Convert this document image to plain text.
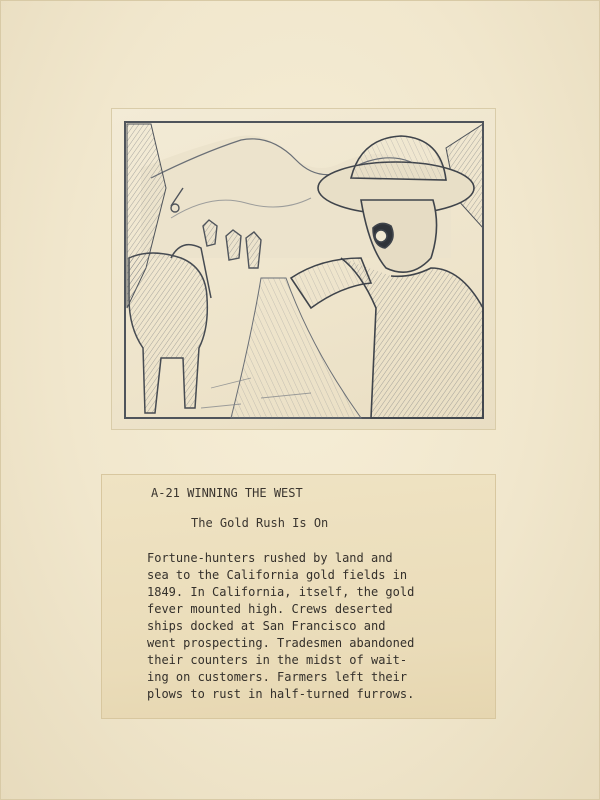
A-21 WINNING THE WEST
The Gold Rush Is On
Fortune-hunters rushed by land and
sea to the California gold fields in
1849. In California, itself, the gold
fever mounted high. Crews deserted
ships docked at San Francisco and
went prospecting. Tradesmen abandoned
their counters in the midst of wait-
ing on customers. Farmers left their
plows to rust in half-turned furrows.
